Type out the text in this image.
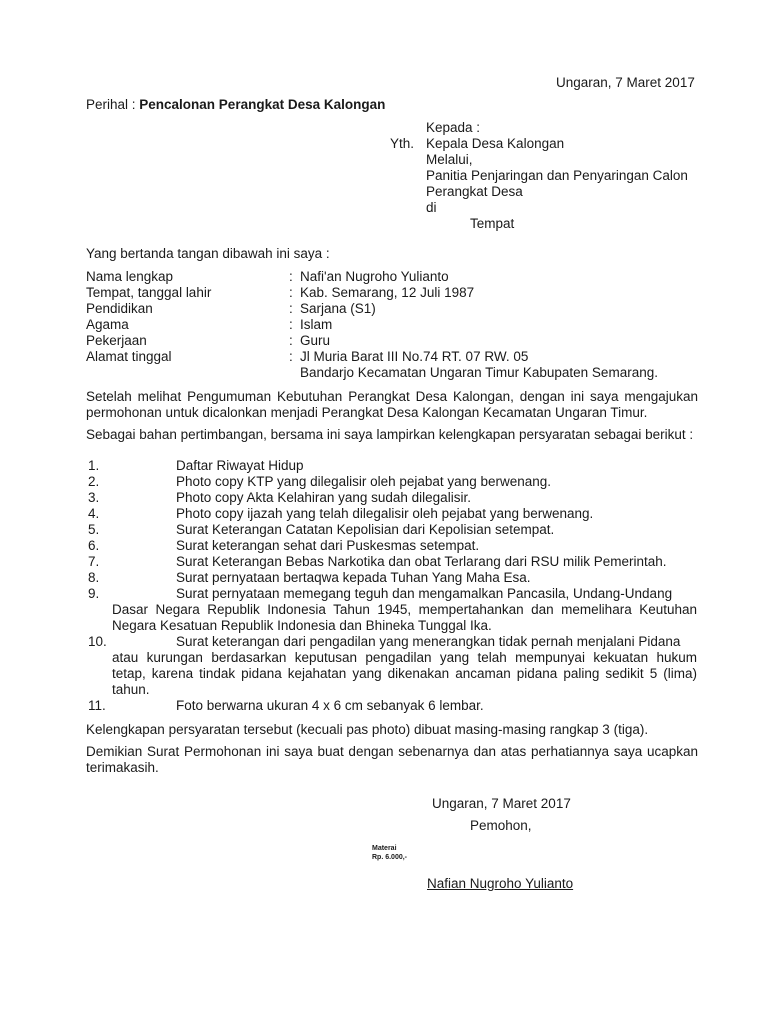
Ungaran, 7 Maret 2017
Perihal : Pencalonan Perangkat Desa Kalongan
Kepada :
Yth. Kepala Desa Kalongan
Melalui,
Panitia Penjaringan dan Penyaringan Calon
Perangkat Desa
di
Tempat
Yang bertanda tangan dibawah ini saya :
Nama lengkap	: Nafi'an Nugroho Yulianto
Tempat, tanggal lahir	: Kab. Semarang, 12 Juli 1987
Pendidikan	: Sarjana (S1)
Agama	: Islam
Pekerjaan	: Guru
Alamat tinggal	: Jl Muria Barat III No.74 RT. 07 RW. 05
Bandarjo Kecamatan Ungaran Timur Kabupaten Semarang.
Setelah melihat Pengumuman Kebutuhan Perangkat Desa Kalongan, dengan ini saya mengajukan permohonan untuk dicalonkan menjadi Perangkat Desa Kalongan Kecamatan Ungaran Timur.
Sebagai bahan pertimbangan, bersama ini saya lampirkan kelengkapan persyaratan sebagai berikut :
1.	Daftar Riwayat Hidup
2.	Photo copy KTP yang dilegalisir oleh pejabat yang berwenang.
3.	Photo copy Akta Kelahiran yang sudah dilegalisir.
4.	Photo copy ijazah yang telah dilegalisir oleh pejabat yang berwenang.
5.	Surat Keterangan Catatan Kepolisian dari Kepolisian setempat.
6.	Surat keterangan sehat dari Puskesmas setempat.
7.	Surat Keterangan Bebas Narkotika dan obat Terlarang dari RSU milik Pemerintah.
8.	Surat pernyataan bertaqwa kepada Tuhan Yang Maha Esa.
9.	Surat pernyataan memegang teguh dan mengamalkan Pancasila, Undang-Undang
Dasar Negara Republik Indonesia Tahun 1945, mempertahankan dan memelihara Keutuhan
Negara Kesatuan Republik Indonesia dan Bhineka Tunggal Ika.
10.	Surat keterangan dari pengadilan yang menerangkan tidak pernah menjalani Pidana
atau kurungan berdasarkan keputusan pengadilan yang telah mempunyai kekuatan hukum
tetap, karena tindak pidana kejahatan yang dikenakan ancaman pidana paling sedikit 5 (lima)
tahun.
11.	Foto berwarna ukuran 4 x 6 cm sebanyak 6 lembar.
Kelengkapan persyaratan tersebut (kecuali pas photo) dibuat masing-masing rangkap 3 (tiga).
Demikian Surat Permohonan ini saya buat dengan sebenarnya dan atas perhatiannya saya ucapkan terimakasih.
Ungaran, 7 Maret 2017
Pemohon,
Materai
Rp. 6.000,-
Nafian Nugroho Yulianto
